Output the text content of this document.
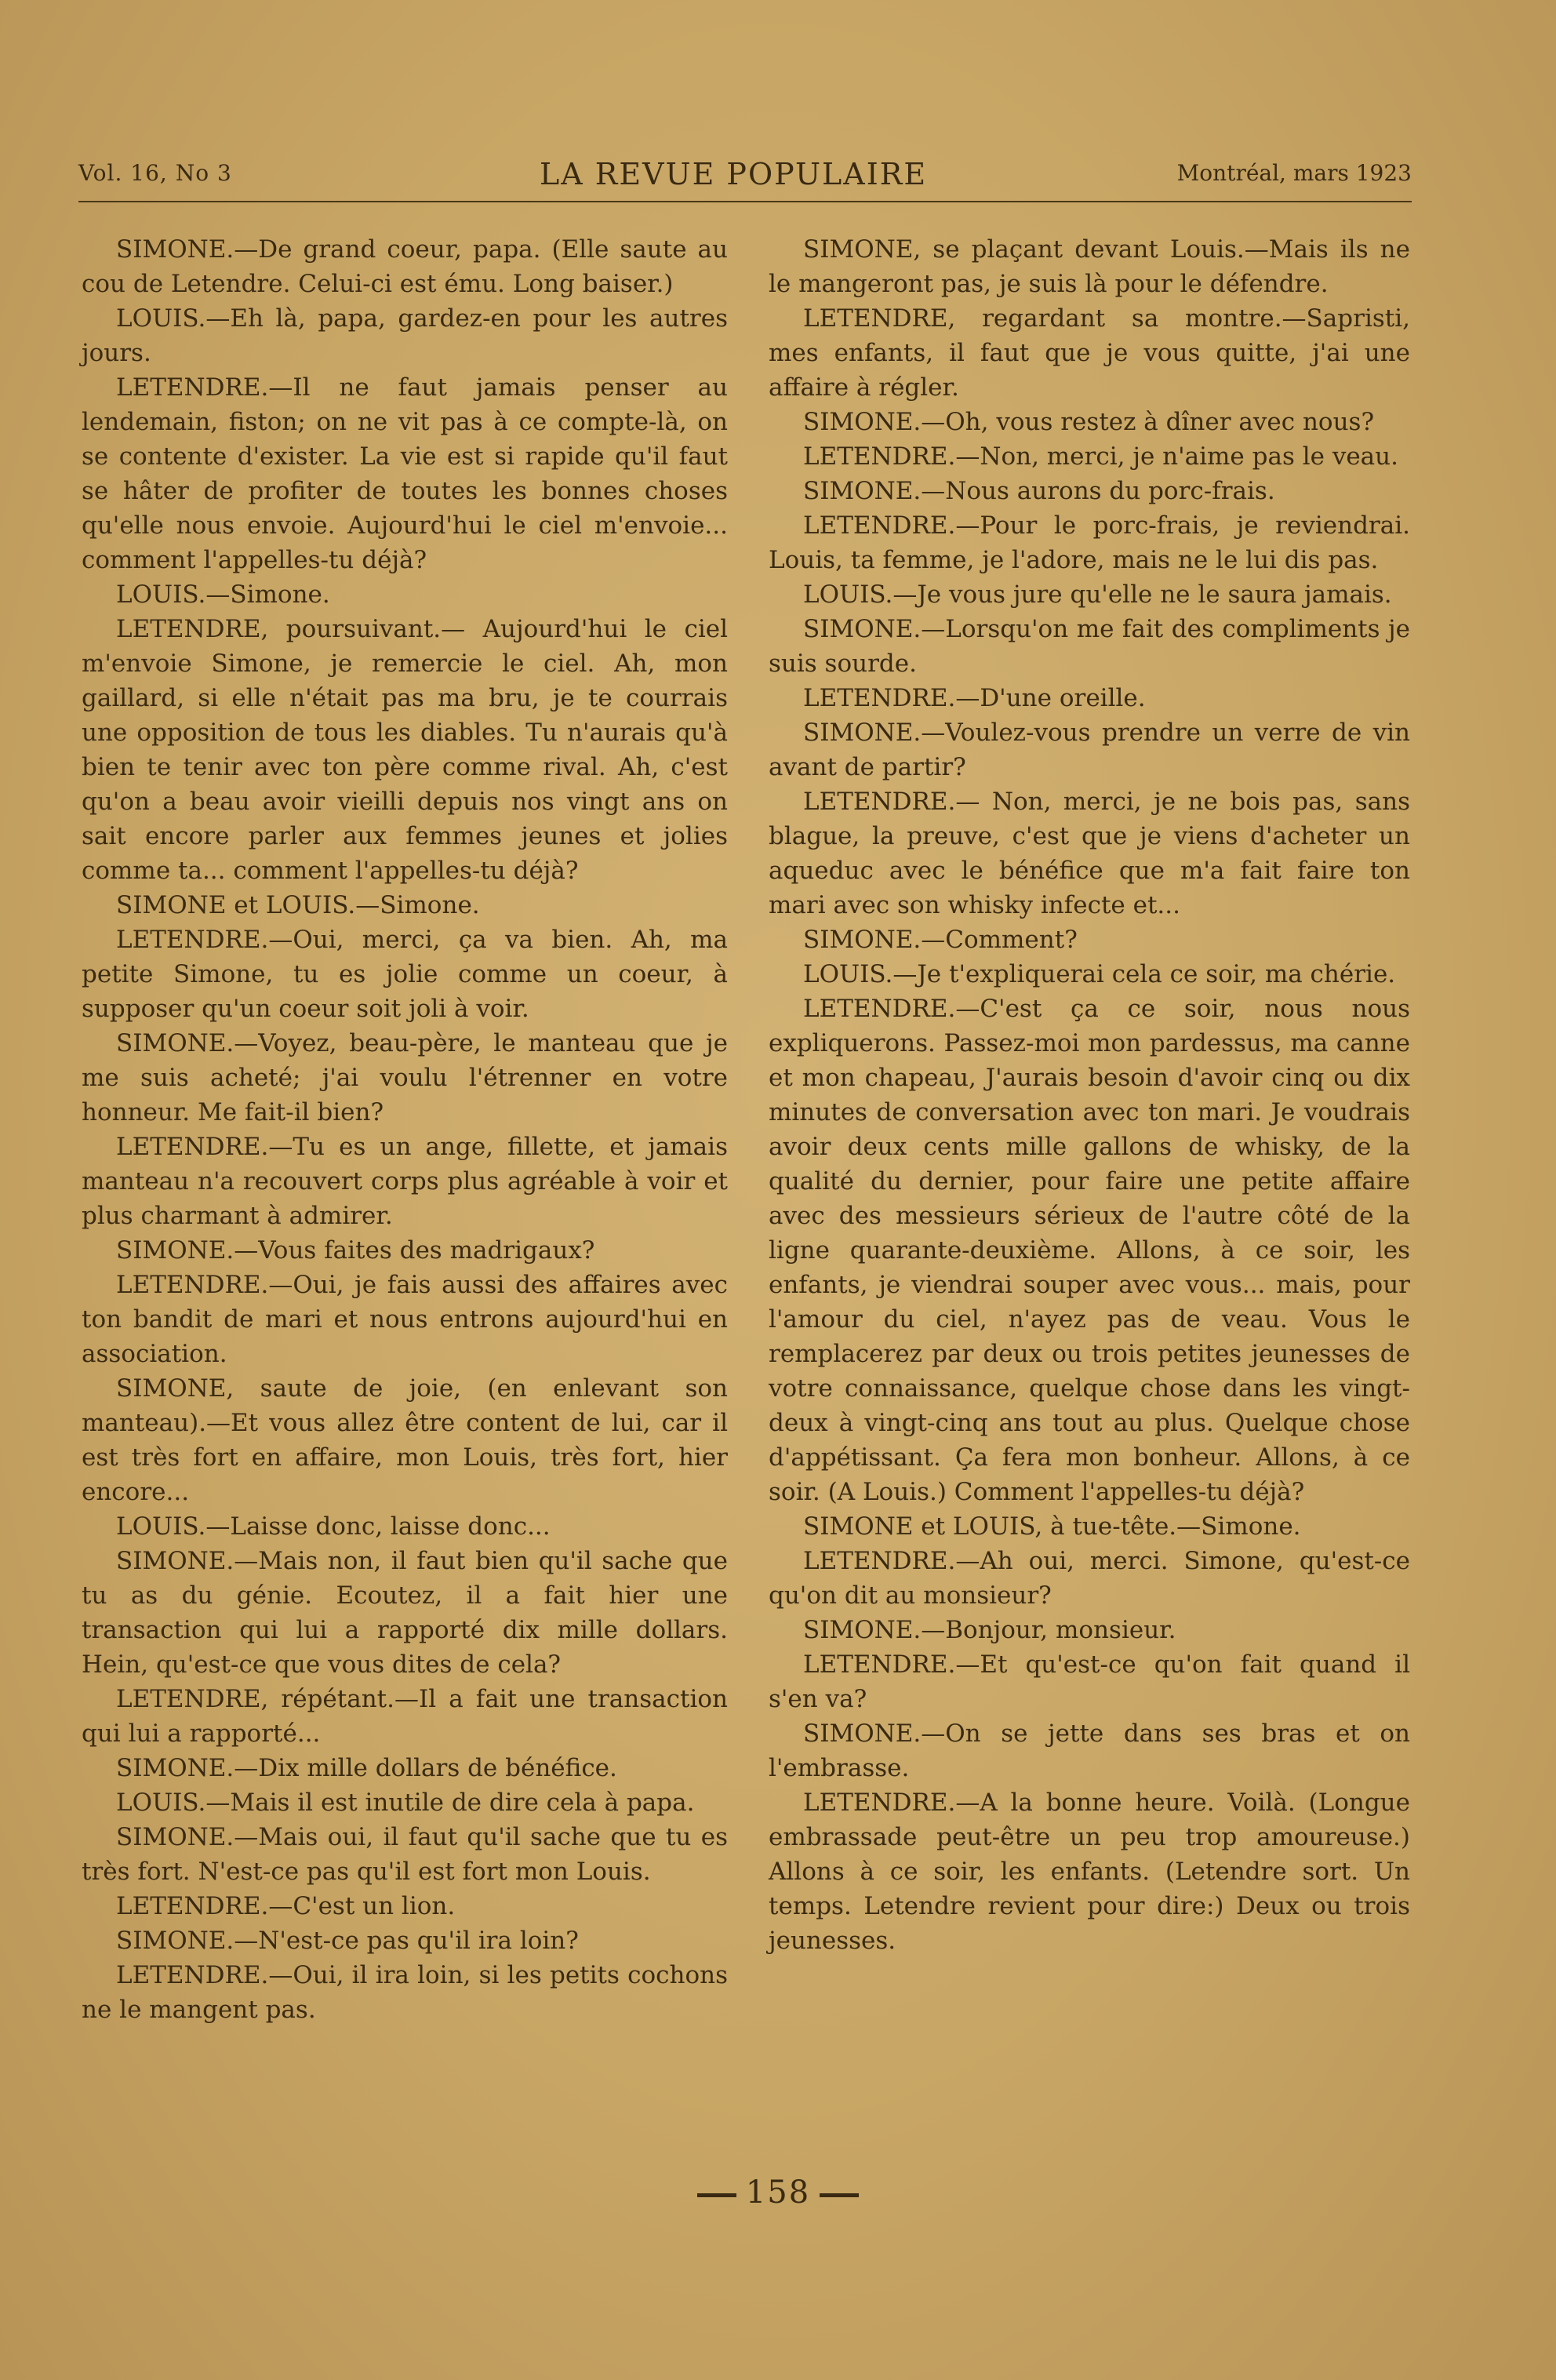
Vol. 16, No 3	LA REVUE POPULAIRE	Montréal, mars 1923

SIMONE.—De grand coeur, papa. (Elle saute au cou de Letendre. Celui-ci est ému. Long baiser.)

LOUIS.—Eh là, papa, gardez-en pour les autres jours.

LETENDRE.—Il ne faut jamais penser au lendemain, fiston; on ne vit pas à ce compte-là, on se contente d'exister. La vie est si rapide qu'il faut se hâter de profiter de toutes les bonnes choses qu'elle nous envoie. Aujourd'hui le ciel m'envoie... comment l'appelles-tu déjà?

LOUIS.—Simone.

LETENDRE, poursuivant.— Aujourd'hui le ciel m'envoie Simone, je remercie le ciel. Ah, mon gaillard, si elle n'était pas ma bru, je te courrais une opposition de tous les diables. Tu n'aurais qu'à bien te tenir avec ton père comme rival. Ah, c'est qu'on a beau avoir vieilli depuis nos vingt ans on sait encore parler aux femmes jeunes et jolies comme ta... comment l'appelles-tu déjà?

SIMONE et LOUIS.—Simone.

LETENDRE.—Oui, merci, ça va bien. Ah, ma petite Simone, tu es jolie comme un coeur, à supposer qu'un coeur soit joli à voir.

SIMONE.—Voyez, beau-père, le manteau que je me suis acheté; j'ai voulu l'étrenner en votre honneur. Me fait-il bien?

LETENDRE.—Tu es un ange, fillette, et jamais manteau n'a recouvert corps plus agréable à voir et plus charmant à admirer.

SIMONE.—Vous faites des madrigaux?

LETENDRE.—Oui, je fais aussi des affaires avec ton bandit de mari et nous entrons aujourd'hui en association.

SIMONE, saute de joie, (en enlevant son manteau).—Et vous allez être content de lui, car il est très fort en affaire, mon Louis, très fort, hier encore...

LOUIS.—Laisse donc, laisse donc...

SIMONE.—Mais non, il faut bien qu'il sache que tu as du génie. Ecoutez, il a fait hier une transaction qui lui a rapporté dix mille dollars. Hein, qu'est-ce que vous dites de cela?

LETENDRE, répétant.—Il a fait une transaction qui lui a rapporté...

SIMONE.—Dix mille dollars de bénéfice.

LOUIS.—Mais il est inutile de dire cela à papa.

SIMONE.—Mais oui, il faut qu'il sache que tu es très fort. N'est-ce pas qu'il est fort mon Louis.

LETENDRE.—C'est un lion.

SIMONE.—N'est-ce pas qu'il ira loin?

LETENDRE.—Oui, il ira loin, si les petits cochons ne le mangent pas.

SIMONE, se plaçant devant Louis.—Mais ils ne le mangeront pas, je suis là pour le défendre.

LETENDRE, regardant sa montre.—Sapristi, mes enfants, il faut que je vous quitte, j'ai une affaire à régler.

SIMONE.—Oh, vous restez à dîner avec nous?

LETENDRE.—Non, merci, je n'aime pas le veau.

SIMONE.—Nous aurons du porc-frais.

LETENDRE.—Pour le porc-frais, je reviendrai. Louis, ta femme, je l'adore, mais ne le lui dis pas.

LOUIS.—Je vous jure qu'elle ne le saura jamais.

SIMONE.—Lorsqu'on me fait des compliments je suis sourde.

LETENDRE.—D'une oreille.

SIMONE.—Voulez-vous prendre un verre de vin avant de partir?

LETENDRE.— Non, merci, je ne bois pas, sans blague, la preuve, c'est que je viens d'acheter un aqueduc avec le bénéfice que m'a fait faire ton mari avec son whisky infecte et...

SIMONE.—Comment?

LOUIS.—Je t'expliquerai cela ce soir, ma chérie.

LETENDRE.—C'est ça ce soir, nous nous expliquerons. Passez-moi mon pardessus, ma canne et mon chapeau, J'aurais besoin d'avoir cinq ou dix minutes de conversation avec ton mari. Je voudrais avoir deux cents mille gallons de whisky, de la qualité du dernier, pour faire une petite affaire avec des messieurs sérieux de l'autre côté de la ligne quarante-deuxième. Allons, à ce soir, les enfants, je viendrai souper avec vous... mais, pour l'amour du ciel, n'ayez pas de veau. Vous le remplacerez par deux ou trois petites jeunesses de votre connaissance, quelque chose dans les vingt-deux à vingt-cinq ans tout au plus. Quelque chose d'appétissant. Ça fera mon bonheur. Allons, à ce soir. (A Louis.) Comment l'appelles-tu déjà?

SIMONE et LOUIS, à tue-tête.—Simone.

LETENDRE.—Ah oui, merci. Simone, qu'est-ce qu'on dit au monsieur?

SIMONE.—Bonjour, monsieur.

LETENDRE.—Et qu'est-ce qu'on fait quand il s'en va?

SIMONE.—On se jette dans ses bras et on l'embrasse.

LETENDRE.—A la bonne heure. Voilà. (Longue embrassade peut-être un peu trop amoureuse.) Allons à ce soir, les enfants. (Letendre sort. Un temps. Letendre revient pour dire:) Deux ou trois jeunesses.

158
